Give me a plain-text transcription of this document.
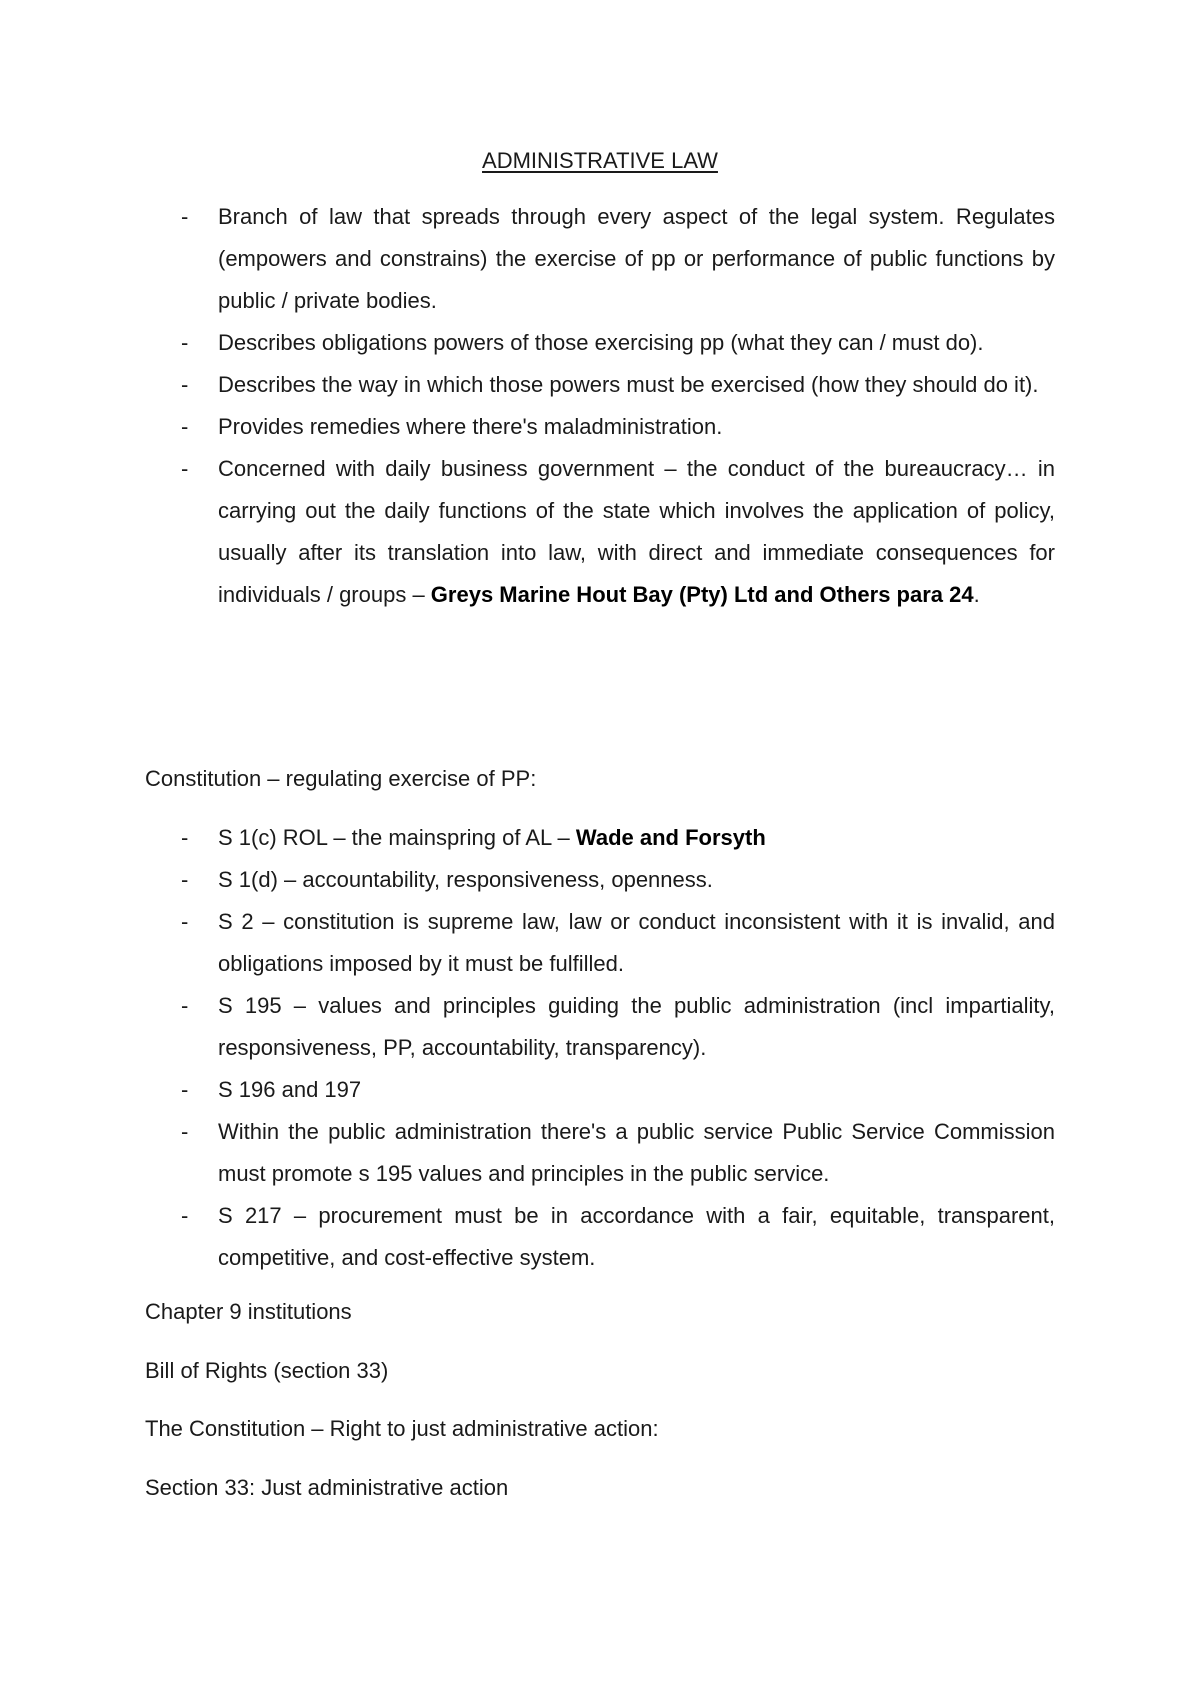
ADMINISTRATIVE LAW
- Branch of law that spreads through every aspect of the legal system. Regulates (empowers and constrains) the exercise of pp or performance of public functions by public / private bodies.
- Describes obligations powers of those exercising pp (what they can / must do).
- Describes the way in which those powers must be exercised (how they should do it).
- Provides remedies where there's maladministration.
- Concerned with daily business government – the conduct of the bureaucracy… in carrying out the daily functions of the state which involves the application of policy, usually after its translation into law, with direct and immediate consequences for individuals / groups – Greys Marine Hout Bay (Pty) Ltd and Others para 24.

Constitution – regulating exercise of PP:

- S 1(c) ROL – the mainspring of AL – Wade and Forsyth
- S 1(d) – accountability, responsiveness, openness.
- S 2 – constitution is supreme law, law or conduct inconsistent with it is invalid, and obligations imposed by it must be fulfilled.
- S 195 – values and principles guiding the public administration (incl impartiality, responsiveness, PP, accountability, transparency).
- S 196 and 197
- Within the public administration there's a public service Public Service Commission must promote s 195 values and principles in the public service.
- S 217 – procurement must be in accordance with a fair, equitable, transparent, competitive, and cost-effective system.

Chapter 9 institutions

Bill of Rights (section 33)

The Constitution – Right to just administrative action:

Section 33: Just administrative action
